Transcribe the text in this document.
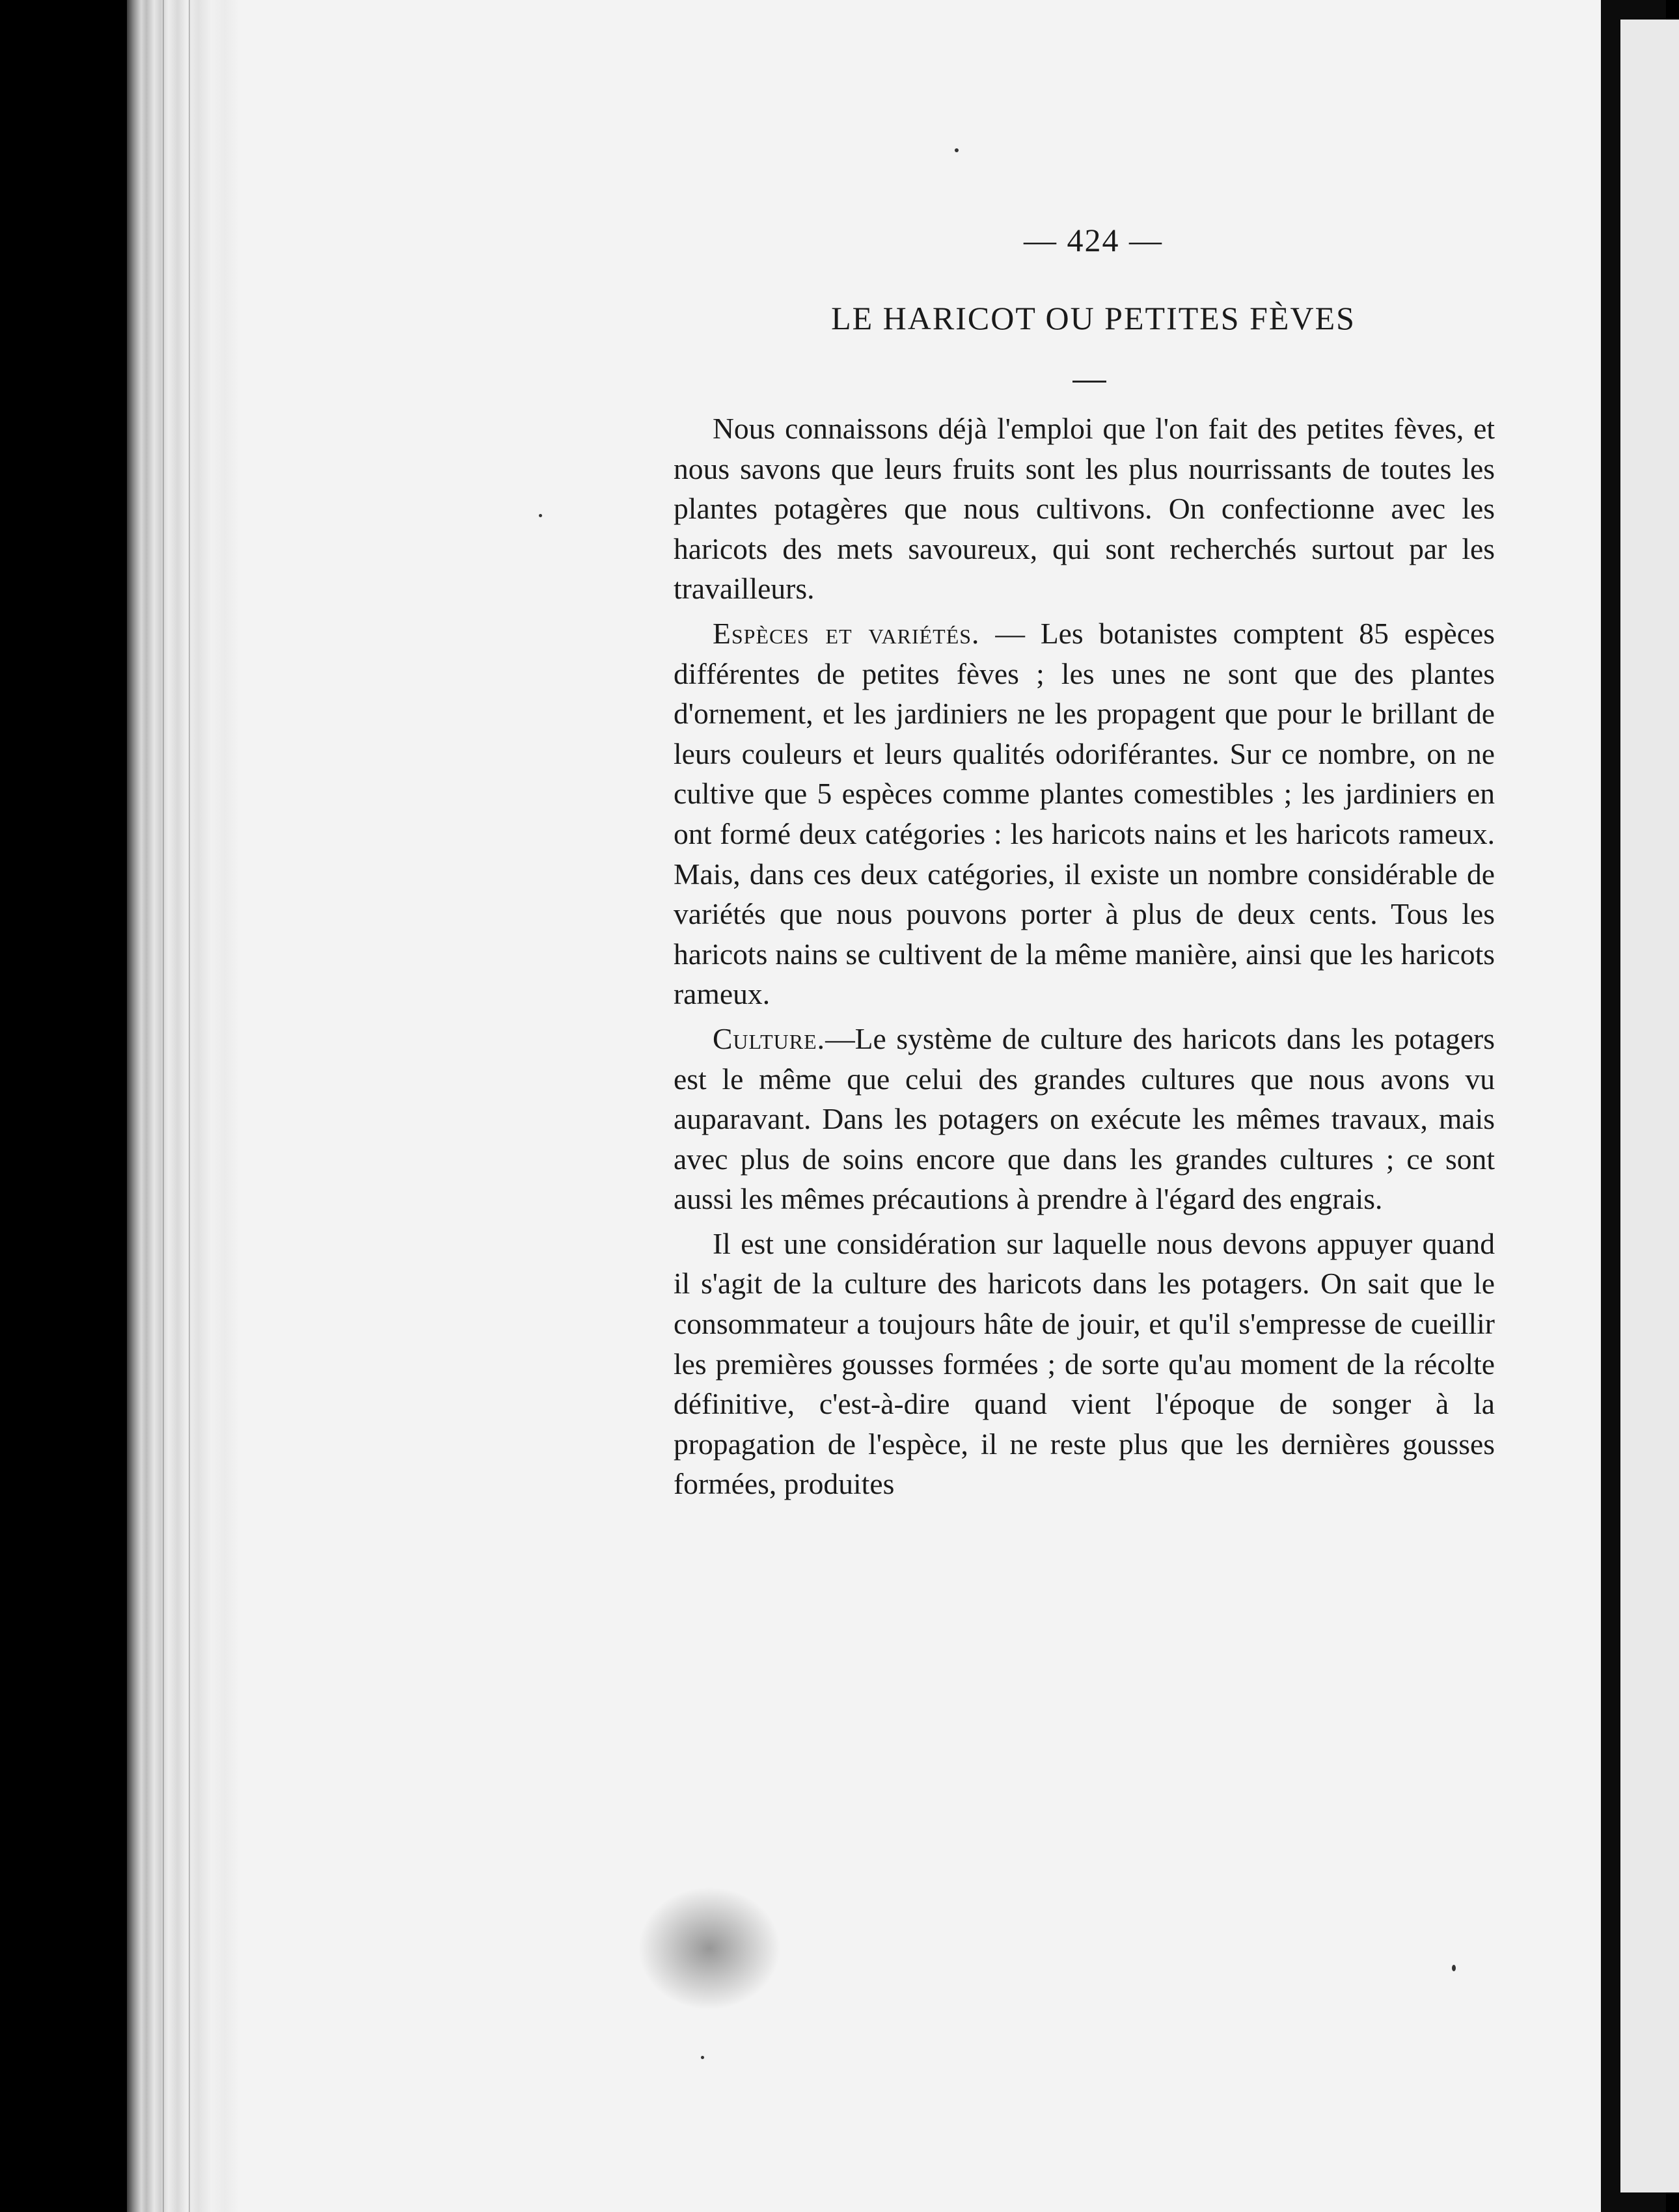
— 424 —
LE HARICOT OU PETITES FÈVES

Nous connaissons déjà l'emploi que l'on fait des petites fèves, et nous savons que leurs fruits sont les plus nourrissants de toutes les plantes potagères que nous cultivons. On confectionne avec les haricots des mets savoureux, qui sont recherchés surtout par les travailleurs.

Espèces et variétés. — Les botanistes comptent 85 espèces différentes de petites fèves ; les unes ne sont que des plantes d'ornement, et les jardiniers ne les propagent que pour le brillant de leurs couleurs et leurs qualités odoriférantes. Sur ce nombre, on ne cultive que 5 espèces comme plantes comestibles ; les jardiniers en ont formé deux catégories : les haricots nains et les haricots rameux. Mais, dans ces deux catégories, il existe un nombre considérable de variétés que nous pouvons porter à plus de deux cents. Tous les haricots nains se cultivent de la même manière, ainsi que les haricots rameux.

Culture.—Le système de culture des haricots dans les potagers est le même que celui des grandes cultures que nous avons vu auparavant. Dans les potagers on exécute les mêmes travaux, mais avec plus de soins encore que dans les grandes cultures ; ce sont aussi les mêmes précautions à prendre à l'égard des engrais.

Il est une considération sur laquelle nous devons appuyer quand il s'agit de la culture des haricots dans les potagers. On sait que le consommateur a toujours hâte de jouir, et qu'il s'empresse de cueillir les premières gousses formées ; de sorte qu'au moment de la récolte définitive, c'est-à-dire quand vient l'époque de songer à la propagation de l'espèce, il ne reste plus que les dernières gousses formées, produites
